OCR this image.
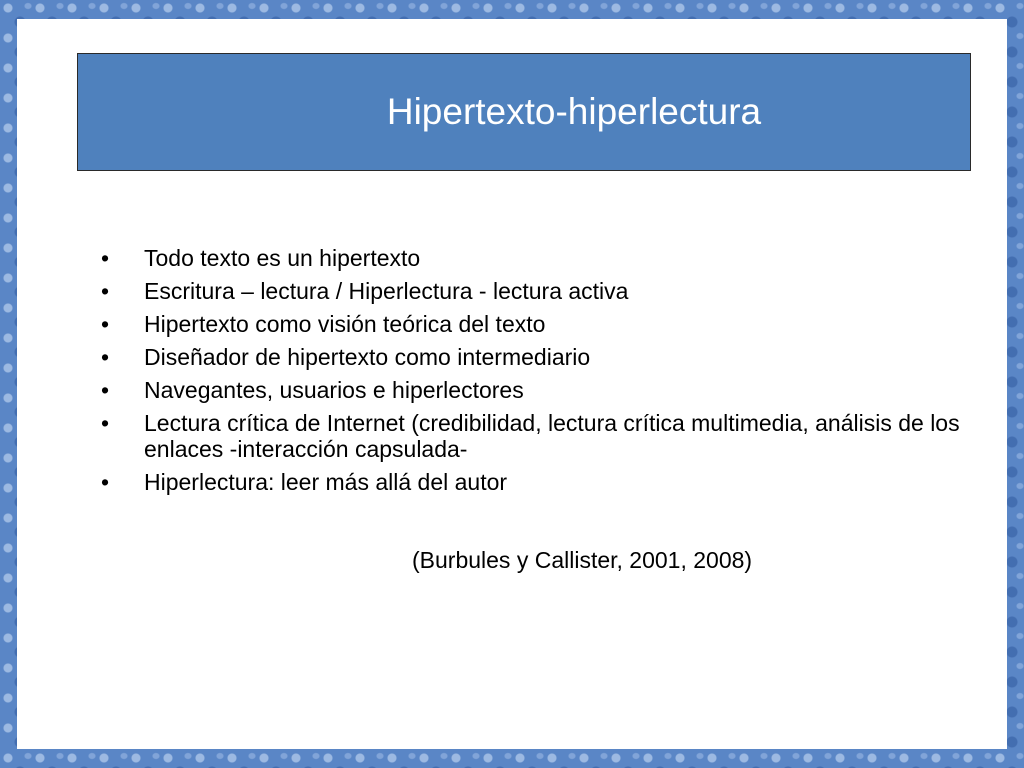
Hipertexto-hiperlectura
• Todo texto es un hipertexto
• Escritura – lectura / Hiperlectura - lectura activa
• Hipertexto como visión teórica del texto
• Diseñador de hipertexto como intermediario
• Navegantes, usuarios e hiperlectores
• Lectura crítica de Internet (credibilidad, lectura crítica multimedia, análisis de los enlaces -interacción capsulada-
• Hiperlectura: leer más allá del autor
(Burbules y Callister, 2001, 2008)
